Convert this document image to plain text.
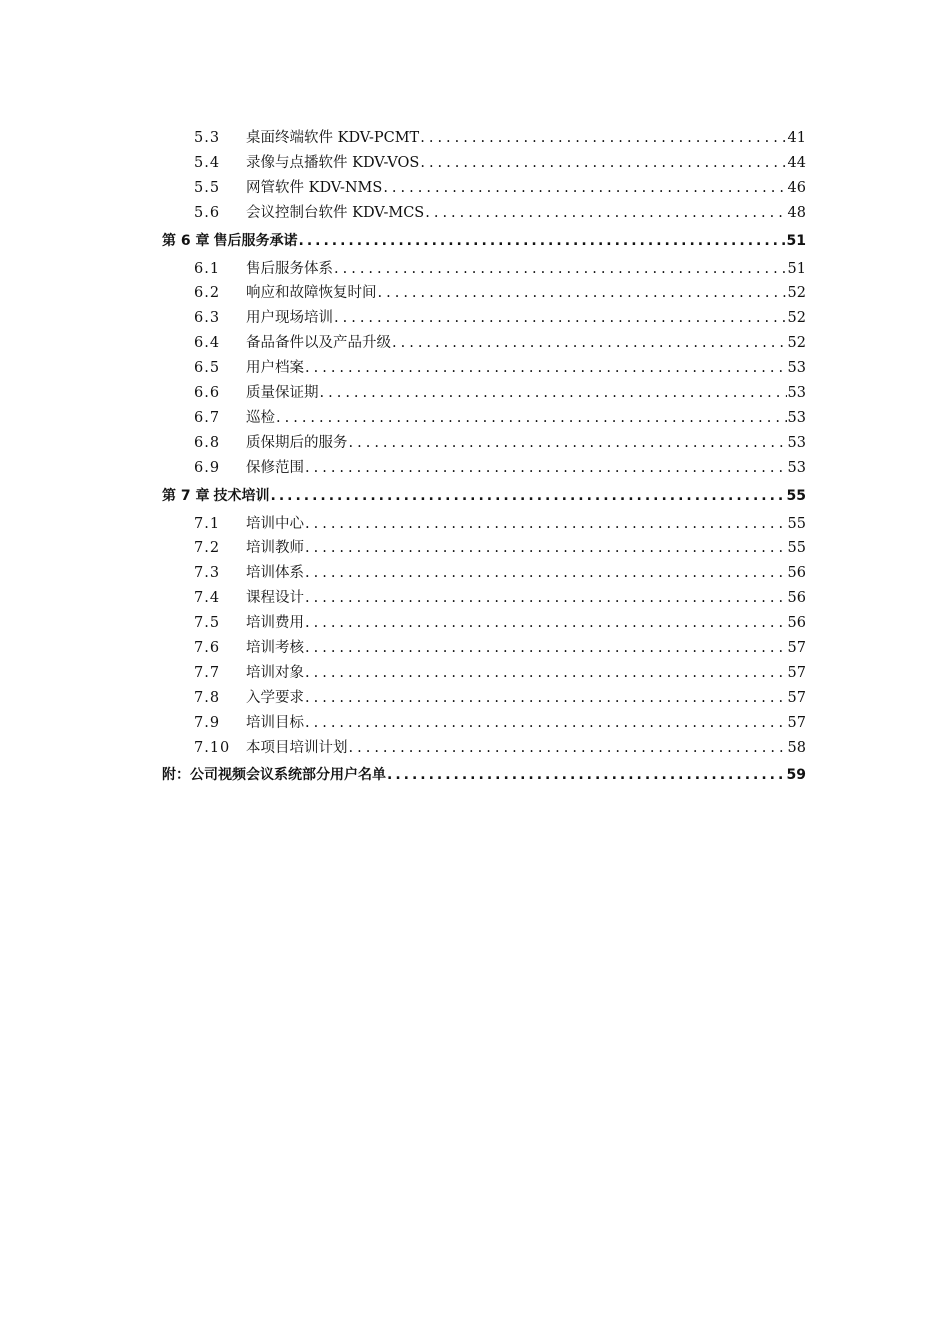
5.3	桌面终端软件 KDV-PCMT .....	41
5.4	录像与点播软件 KDV-VOS .....	44
5.5	网管软件 KDV-NMS .....	46
5.6	会议控制台软件 KDV-MCS .....	48
第 6 章 售后服务承诺 .....	51
6.1	售后服务体系 .....	51
6.2	响应和故障恢复时间 .....	52
6.3	用户现场培训 .....	52
6.4	备品备件以及产品升级 .....	52
6.5	用户档案 .....	53
6.6	质量保证期 .....	53
6.7	巡检 .....	53
6.8	质保期后的服务 .....	53
6.9	保修范围 .....	53
第 7 章 技术培训 .....	55
7.1	培训中心 .....	55
7.2	培训教师 .....	55
7.3	培训体系 .....	56
7.4	课程设计 .....	56
7.5	培训费用 .....	56
7.6	培训考核 .....	57
7.7	培训对象 .....	57
7.8	入学要求 .....	57
7.9	培训目标 .....	57
7.10	本项目培训计划 .....	58
附：公司视频会议系统部分用户名单 .....	59
